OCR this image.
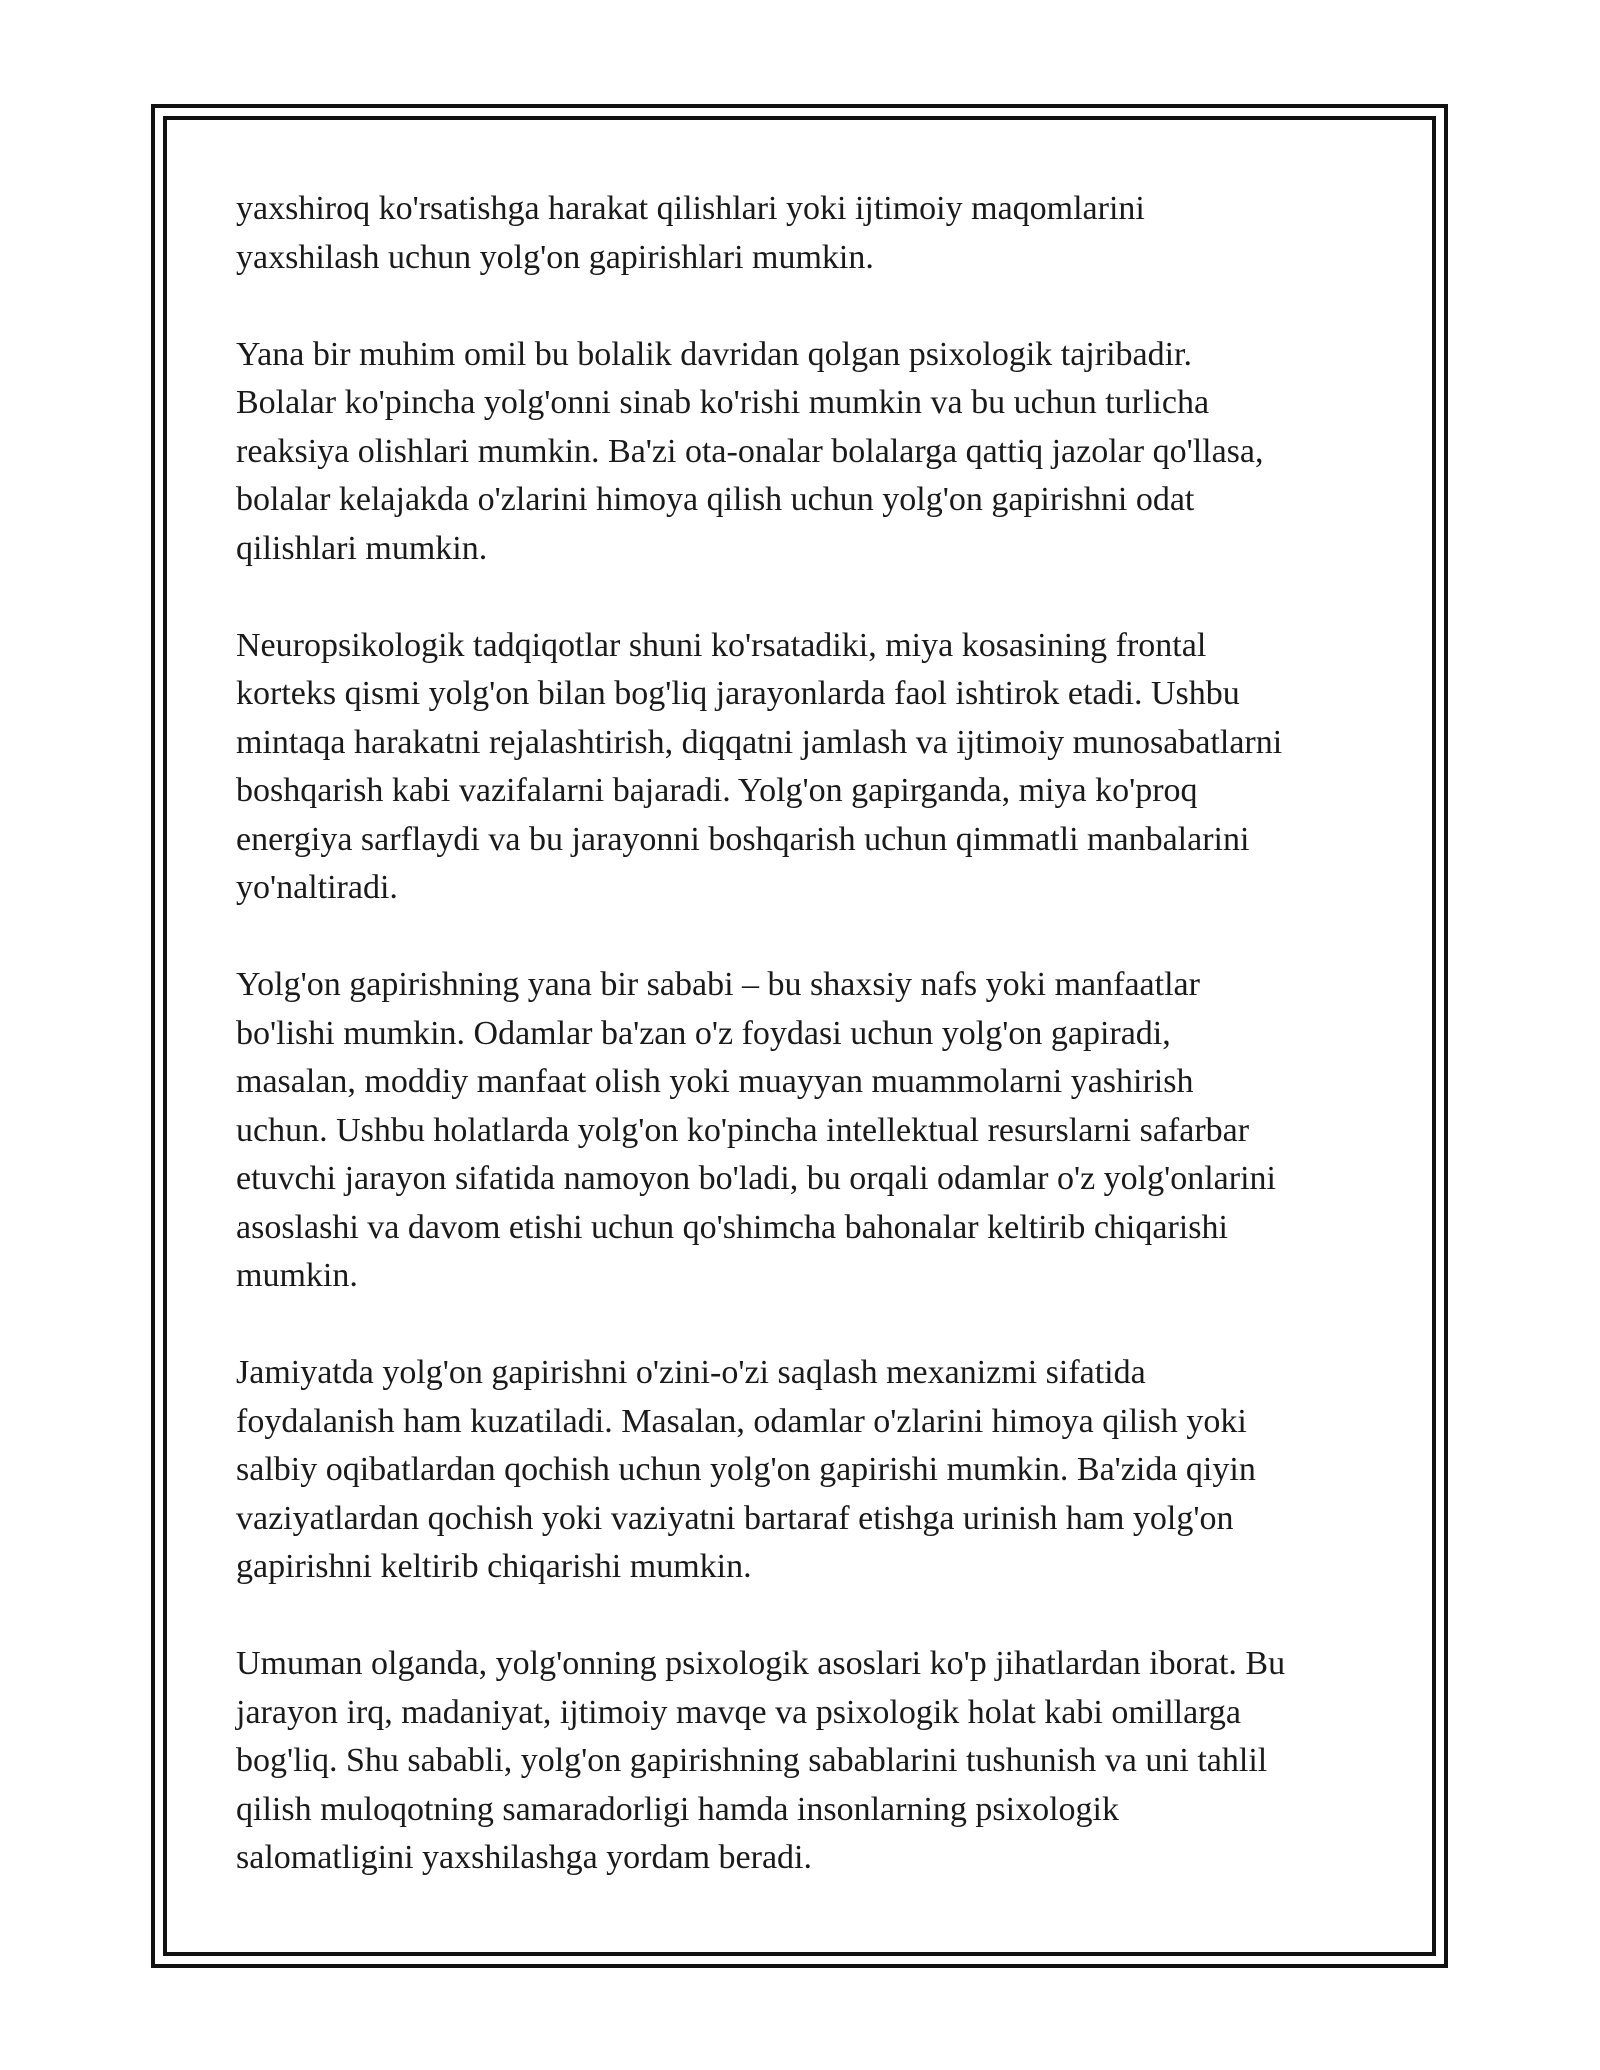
yaxshiroq ko'rsatishga harakat qilishlari yoki ijtimoiy maqomlarini
yaxshilash uchun yolg'on gapirishlari mumkin.

Yana bir muhim omil bu bolalik davridan qolgan psixologik tajribadir.
Bolalar ko'pincha yolg'onni sinab ko'rishi mumkin va bu uchun turlicha
reaksiya olishlari mumkin. Ba'zi ota-onalar bolalarga qattiq jazolar qo'llasa,
bolalar kelajakda o'zlarini himoya qilish uchun yolg'on gapirishni odat
qilishlari mumkin.

Neuropsikologik tadqiqotlar shuni ko'rsatadiki, miya kosasining frontal
korteks qismi yolg'on bilan bog'liq jarayonlarda faol ishtirok etadi. Ushbu
mintaqa harakatni rejalashtirish, diqqatni jamlash va ijtimoiy munosabatlarni
boshqarish kabi vazifalarni bajaradi. Yolg'on gapirganda, miya ko'proq
energiya sarflaydi va bu jarayonni boshqarish uchun qimmatli manbalarini
yo'naltiradi.

Yolg'on gapirishning yana bir sababi – bu shaxsiy nafs yoki manfaatlar
bo'lishi mumkin. Odamlar ba'zan o'z foydasi uchun yolg'on gapiradi,
masalan, moddiy manfaat olish yoki muayyan muammolarni yashirish
uchun. Ushbu holatlarda yolg'on ko'pincha intellektual resurslarni safarbar
etuvchi jarayon sifatida namoyon bo'ladi, bu orqali odamlar o'z yolg'onlarini
asoslashi va davom etishi uchun qo'shimcha bahonalar keltirib chiqarishi
mumkin.

Jamiyatda yolg'on gapirishni o'zini-o'zi saqlash mexanizmi sifatida
foydalanish ham kuzatiladi. Masalan, odamlar o'zlarini himoya qilish yoki
salbiy oqibatlardan qochish uchun yolg'on gapirishi mumkin. Ba'zida qiyin
vaziyatlardan qochish yoki vaziyatni bartaraf etishga urinish ham yolg'on
gapirishni keltirib chiqarishi mumkin.

Umuman olganda, yolg'onning psixologik asoslari ko'p jihatlardan iborat. Bu
jarayon irq, madaniyat, ijtimoiy mavqe va psixologik holat kabi omillarga
bog'liq. Shu sababli, yolg'on gapirishning sabablarini tushunish va uni tahlil
qilish muloqotning samaradorligi hamda insonlarning psixologik
salomatligini yaxshilashga yordam beradi.
